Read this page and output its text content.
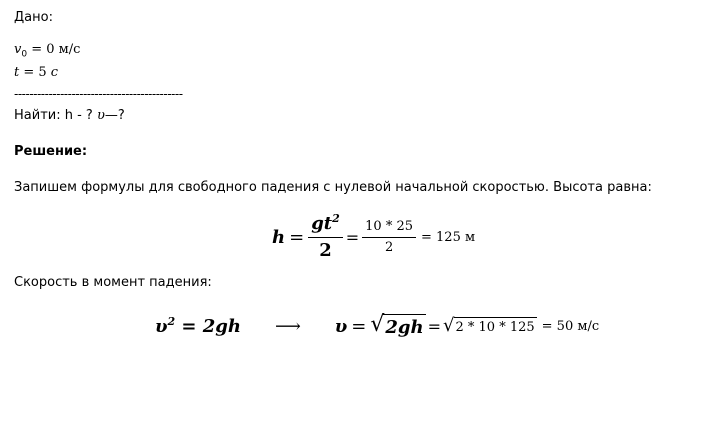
Дано:
$v_0 = 0$ м/с
t = 5 с
--------------------------------------------
Найти: h - ? υ—?
Решение:
Запишем формулы для свободного падения с нулевой начальной скоростью. Высота равна:
$h = \frac{gt^2}{2} = \frac{10 * 25}{2} = 125$ м
Скорость в момент падения:
$\upsilon^2 = 2gh$ ⟶ υ = √ 2gh = √ 2 * 10 * 125 = 50 м/с
